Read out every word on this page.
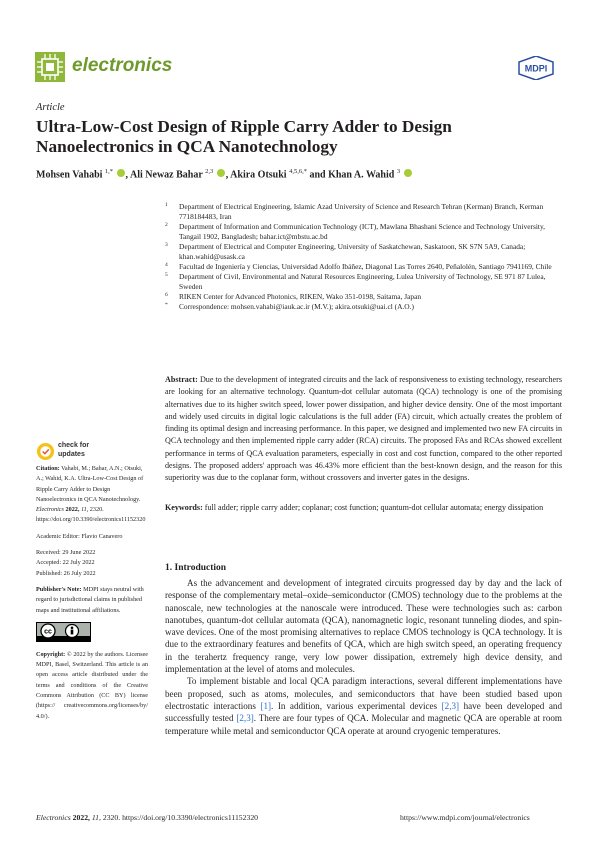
electronics	MDPI
Article
Ultra-Low-Cost Design of Ripple Carry Adder to Design Nanoelectronics in QCA Nanotechnology
Mohsen Vahabi $^{1,*}$ , Ali Newaz Bahar $^{2,3}$ , Akira Otsuki $^{4,5,6,*}$ and Khan A. Wahid $^3$
1 Department of Electrical Engineering, Islamic Azad University of Science and Research Tehran (Kerman) Branch, Kerman 7718184483, Iran
2 Department of Information and Communication Technology (ICT), Mawlana Bhashani Science and Technology University, Tangail 1902, Bangladesh; bahar.ict@mbstu.ac.bd
3 Department of Electrical and Computer Engineering, University of Saskatchewan, Saskatoon, SK S7N 5A9, Canada; khan.wahid@usask.ca
4 Facultad de Ingeniería y Ciencias, Universidad Adolfo Ibáñez, Diagonal Las Torres 2640, Peñalolén, Santiago 7941169, Chile
5 Department of Civil, Environmental and Natural Resources Engineering, Lulea University of Technology, SE 971 87 Lulea, Sweden
6 RIKEN Center for Advanced Photonics, RIKEN, Wako 351-0198, Saitama, Japan
* Correspondence: mohsen.vahabi@iauk.ac.ir (M.V.); akira.otsuki@uai.cl (A.O.)
Abstract: Due to the development of integrated circuits and the lack of responsiveness to existing technology, researchers are looking for an alternative technology. Quantum-dot cellular automata (QCA) technology is one of the promising alternatives due to its higher switch speed, lower power dissipation, and higher device density. One of the most important and widely used circuits in digital logic calculations is the full adder (FA) circuit, which actually creates the problem of finding its optimal design and increasing performance. In this paper, we designed and implemented two new FA circuits in QCA technology and then implemented ripple carry adder (RCA) circuits. The proposed FAs and RCAs showed excellent performance in terms of QCA evaluation parameters, especially in cost and cost function, compared to the other reported designs. The proposed adders' approach was 46.43% more efficient than the best-known design, and the reason for this superiority was due to the coplanar form, without crossovers and inverter gates in the designs.
Keywords: full adder; ripple carry adder; coplanar; cost function; quantum-dot cellular automata; energy dissipation
check for
updates
Citation: Vahabi, M.; Bahar, A.N.; Otsuki, A.; Wahid, K.A. Ultra-Low-Cost Design of Ripple Carry Adder to Design Nanoelectronics in QCA Nanotechnology. Electronics 2022, 11, 2320. https://doi.org/10.3390/electronics11152320
Academic Editor: Flavio Canavero
Received: 29 June 2022
Accepted: 22 July 2022
Published: 26 July 2022
Publisher's Note: MDPI stays neutral with regard to jurisdictional claims in published maps and institutional affiliations.
cc
Copyright: © 2022 by the authors. Licensee MDPI, Basel, Switzerland. This article is an open access article distributed under the terms and conditions of the Creative Commons Attribution (CC BY) license (https:// creativecommons.org/licenses/by/ 4.0/).
1. Introduction

As the advancement and development of integrated circuits progressed day by day and the lack of response of the complementary metal–oxide–semiconductor (CMOS) technology due to the problems at the nanoscale, new technologies at the nanoscale were introduced. These were technologies such as: carbon nanotubes, quantum-dot cellular automata (QCA), nanomagnetic logic, resonant tunneling diodes, and spin-wave devices. One of the most promising alternatives to replace CMOS technology is QCA technology. It is due to the extraordinary features and benefits of QCA, which are high switch speed, an operating frequency in the terahertz frequency range, very low power dissipation, extremely high device density, and implementation at the level of atoms and molecules.

To implement bistable and local QCA paradigm interactions, several different implementations have been proposed, such as atoms, molecules, and semiconductors that have been studied based upon electrostatic interactions [1]. In addition, various experimental devices [2,3] have been developed and successfully tested [2,3]. There are four types of QCA. Molecular and magnetic QCA are operable at room temperature while metal and semiconductor QCA operate at around cryogenic temperatures.

Electronics 2022, 11, 2320. https://doi.org/10.3390/electronics11152320	https://www.mdpi.com/journal/electronics
